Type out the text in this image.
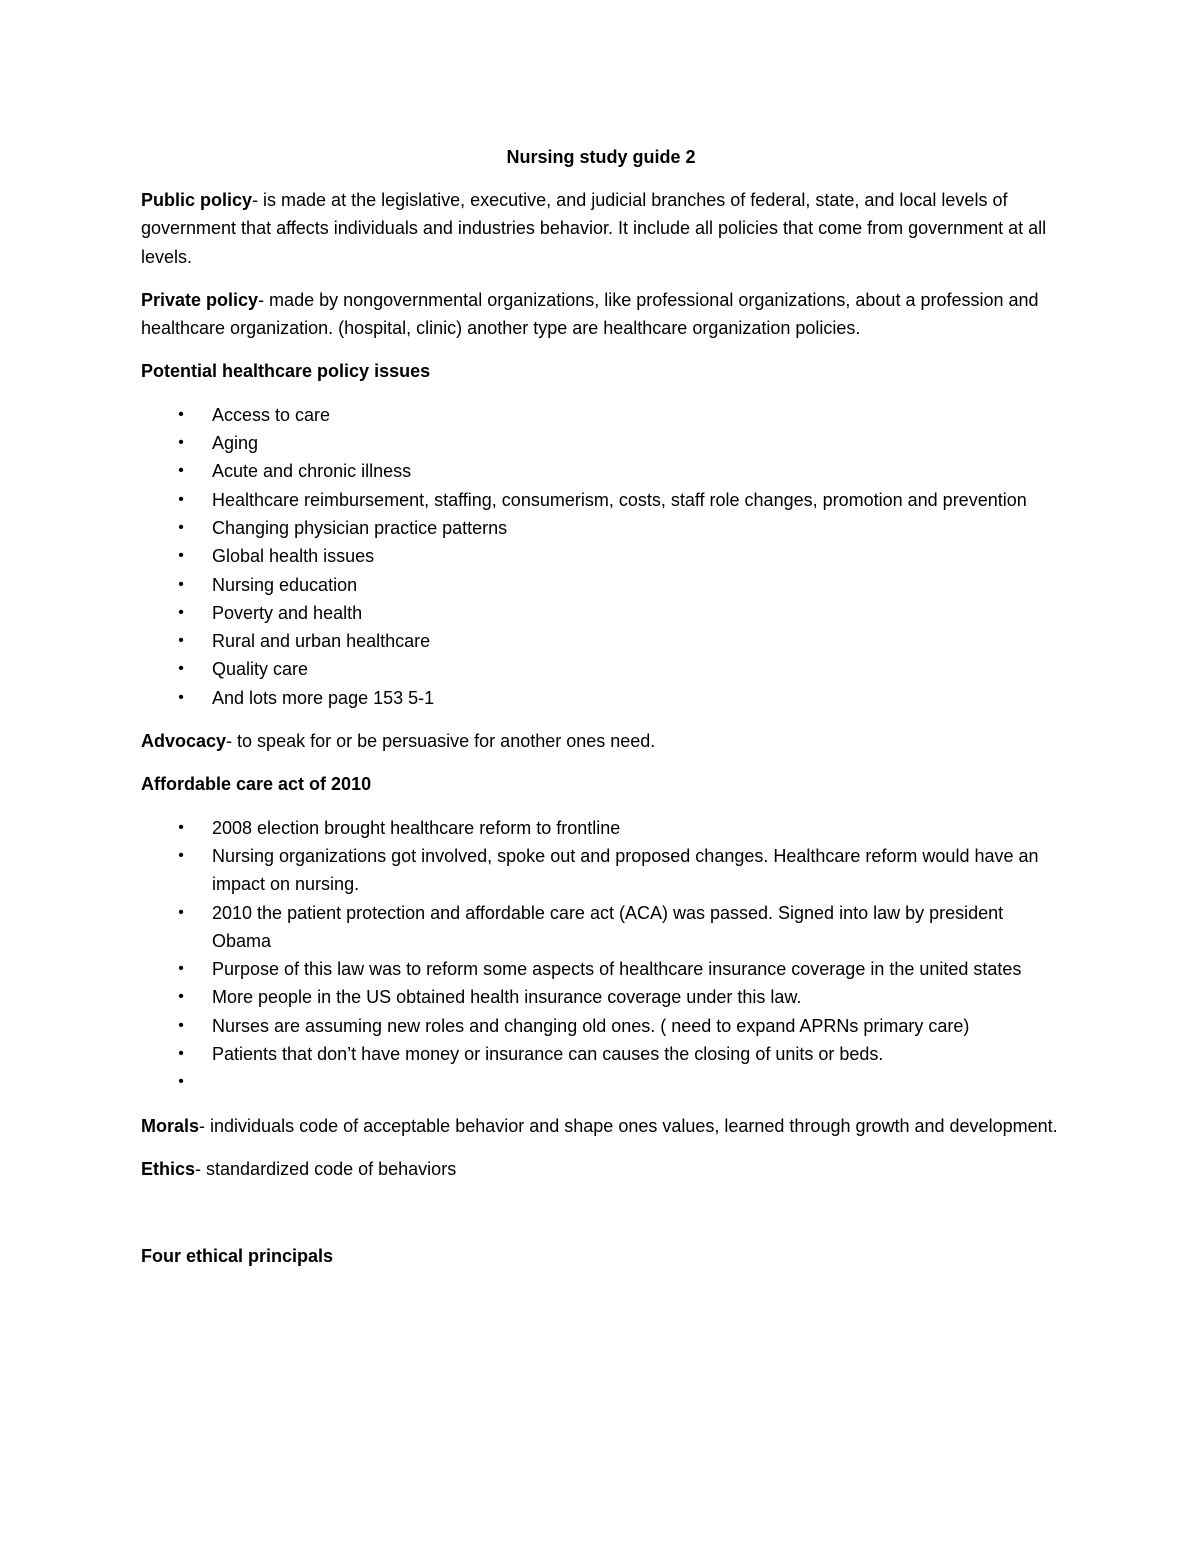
Nursing study guide 2

Public policy- is made at the legislative, executive, and judicial branches of federal, state, and local levels of government that affects individuals and industries behavior. It include all policies that come from government at all levels.

Private policy- made by nongovernmental organizations, like professional organizations, about a profession and healthcare organization. (hospital, clinic) another type are healthcare organization policies.

Potential healthcare policy issues
• Access to care
• Aging
• Acute and chronic illness
• Healthcare reimbursement, staffing, consumerism, costs, staff role changes, promotion and prevention
• Changing physician practice patterns
• Global health issues
• Nursing education
• Poverty and health
• Rural and urban healthcare
• Quality care
• And lots more page 153 5-1

Advocacy- to speak for or be persuasive for another ones need.

Affordable care act of 2010
• 2008 election brought healthcare reform to frontline
• Nursing organizations got involved, spoke out and proposed changes. Healthcare reform would have an impact on nursing.
• 2010 the patient protection and affordable care act (ACA) was passed. Signed into law by president Obama
• Purpose of this law was to reform some aspects of healthcare insurance coverage in the united states
• More people in the US obtained health insurance coverage under this law.
• Nurses are assuming new roles and changing old ones. ( need to expand APRNs primary care)
• Patients that don’t have money or insurance can causes the closing of units or beds.
•

Morals- individuals code of acceptable behavior and shape ones values, learned through growth and development.

Ethics- standardized code of behaviors

Four ethical principals
